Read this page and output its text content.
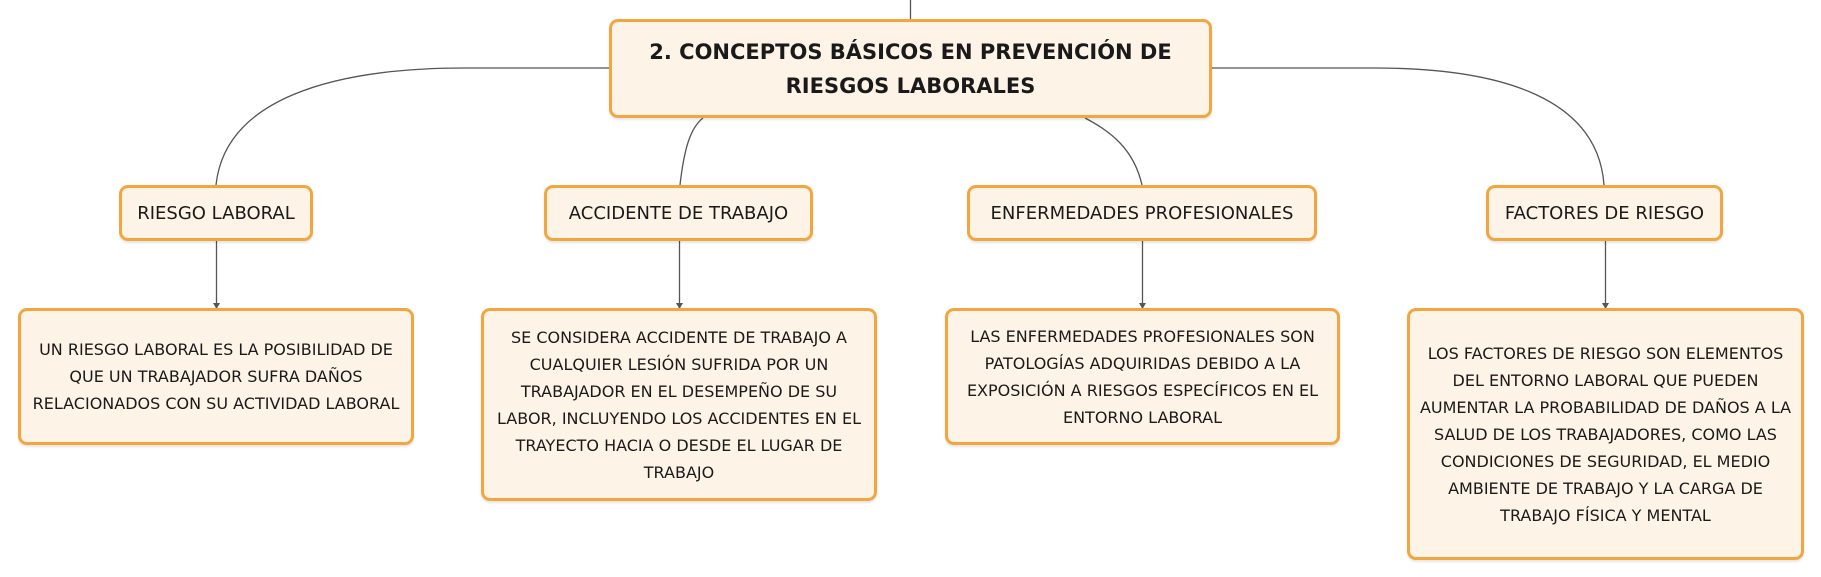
2. CONCEPTOS BÁSICOS EN PREVENCIÓN DE RIESGOS LABORALES
RIESGO LABORAL	ACCIDENTE DE TRABAJO	ENFERMEDADES PROFESIONALES	FACTORES DE RIESGO
UN RIESGO LABORAL ES LA POSIBILIDAD DE QUE UN TRABAJADOR SUFRA DAÑOS RELACIONADOS CON SU ACTIVIDAD LABORAL
SE CONSIDERA ACCIDENTE DE TRABAJO A CUALQUIER LESIÓN SUFRIDA POR UN TRABAJADOR EN EL DESEMPEÑO DE SU LABOR, INCLUYENDO LOS ACCIDENTES EN EL TRAYECTO HACIA O DESDE EL LUGAR DE TRABAJO
LAS ENFERMEDADES PROFESIONALES SON PATOLOGÍAS ADQUIRIDAS DEBIDO A LA EXPOSICIÓN A RIESGOS ESPECÍFICOS EN EL ENTORNO LABORAL
LOS FACTORES DE RIESGO SON ELEMENTOS DEL ENTORNO LABORAL QUE PUEDEN AUMENTAR LA PROBABILIDAD DE DAÑOS A LA SALUD DE LOS TRABAJADORES, COMO LAS CONDICIONES DE SEGURIDAD, EL MEDIO AMBIENTE DE TRABAJO Y LA CARGA DE TRABAJO FÍSICA Y MENTAL
